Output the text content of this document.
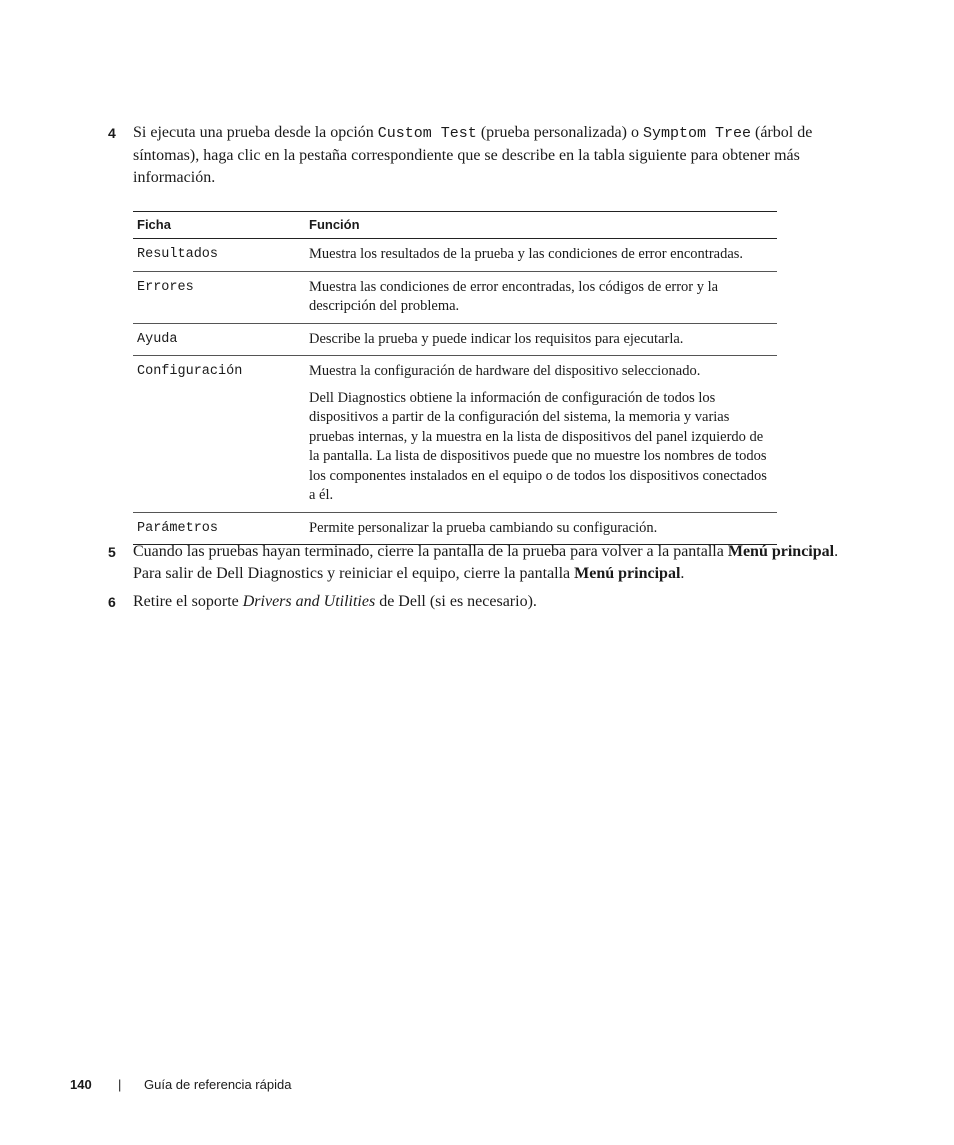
4 Si ejecuta una prueba desde la opción Custom Test (prueba personalizada) o Symptom Tree (árbol de síntomas), haga clic en la pestaña correspondiente que se describe en la tabla siguiente para obtener más información.
Ficha	Función
Resultados	Muestra los resultados de la prueba y las condiciones de error encontradas.

Errores	Muestra las condiciones de error encontradas, los códigos de error y la descripción del problema.

Ayuda	Describe la prueba y puede indicar los requisitos para ejecutarla.

Configuración	Muestra la configuración de hardware del dispositivo seleccionado.

Dell Diagnostics obtiene la información de configuración de todos los dispositivos a partir de la configuración del sistema, la memoria y varias pruebas internas, y la muestra en la lista de dispositivos del panel izquierdo de la pantalla. La lista de dispositivos puede que no muestre los nombres de todos los componentes instalados en el equipo o de todos los dispositivos conectados a él.

Parámetros	Permite personalizar la prueba cambiando su configuración.

5 Cuando las pruebas hayan terminado, cierre la pantalla de la prueba para volver a la pantalla Menú principal. Para salir de Dell Diagnostics y reiniciar el equipo, cierre la pantalla Menú principal.
6 Retire el soporte Drivers and Utilities de Dell (si es necesario).
140 | Guía de referencia rápida
